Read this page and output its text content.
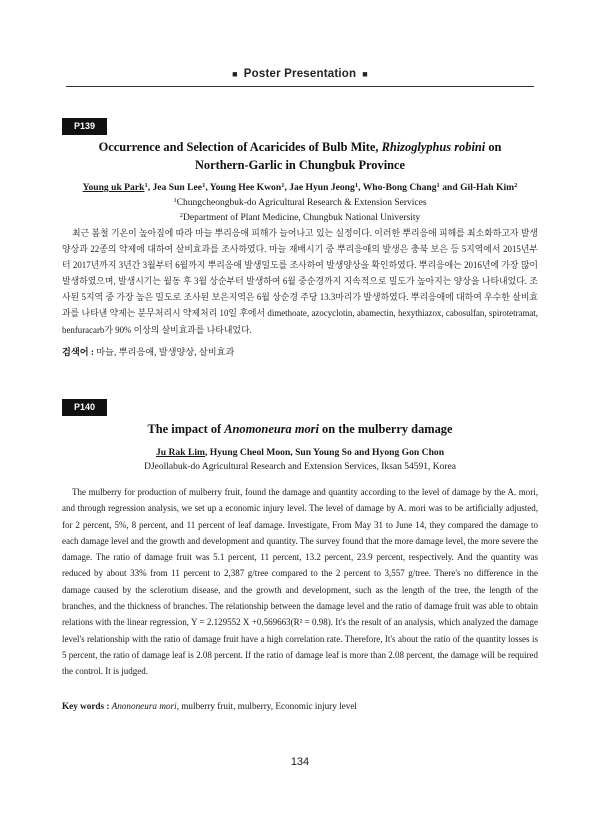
■ Poster Presentation ■
P139
Occurrence and Selection of Acaricides of Bulb Mite, Rhizoglyphus robini on
Northern-Garlic in Chungbuk Province
Young uk Park$^1$, Jea Sun Lee$^1$, Young Hee Kwon$^1$, Jae Hyun Jeong$^1$, Who-Bong Chang$^1$ and Gil-Hah Kim$^2$
$^1$Chungcheongbuk-do Agricultural Research & Extension Services
$^2$Department of Plant Medicine, Chungbuk National University

최근 봄철 기온이 높아짐에 따라 마늘 뿌리응애 피해가 늘어나고 있는 실정이다. 이러한 뿌리응애 피해를 최소화하고자 발생양상과 22종의 약제에 대하여 살비효과를 조사하였다. 마늘 재배시기 중 뿌리응애의 발생은 충북 보은 등 5지역에서 2015년부터 2017년까지 3년간 3월부터 6월까지 뿌리응애 발생밀도를 조사하여 발생양상을 확인하였다. 뿌리응애는 2016년에 가장 많이 발생하였으며, 발생시기는 월동 후 3월 상순부터 발생하여 6월 중순경까지 지속적으로 밀도가 높아지는 양상을 나타내었다. 조사된 5지역 중 가장 높은 밀도로 조사된 보은지역은 6월 상순경 주당 13.3마리가 발생하였다. 뿌리응애에 대하여 우수한 살비효과를 나타낸 약제는 분무처리시 약제처리 10일 후에서 dimethoate, azocyclotin, abamectin, hexythiazox, cabosulfan, spirotetramat, benfuracarb가 90% 이상의 살비효과를 나타내었다.

검색어 : 마늘, 뿌리응애, 발생양상, 살비효과
P140
The impact of Anomoneura mori on the mulberry damage
Ju Rak Lim, Hyung Cheol Moon, Sun Young So and Hyong Gon Chon
DJeollabuk-do Agricultural Research and Extension Services, Iksan 54591, Korea

The mulberry for production of mulberry fruit, found the damage and quantity according to the level of damage by the A. mori, and through regression analysis, we set up a economic injury level. The level of damage by A. mori was to be artificially adjusted, for 2 percent, 5%, 8 percent, and 11 percent of leaf damage. Investigate, From May 31 to June 14, they compared the damage to each damage level and the growth and development and quantity. The survey found that the more damage level, the more severe the damage. The ratio of damage fruit was 5.1 percent, 11 percent, 13.2 percent, 23.9 percent, respectively. And the quantity was reduced by about 33% from 11 percent to 2,387 g/tree compared to the 2 percent to 3,557 g/tree. There's no difference in the damage caused by the sclerotium disease, and the growth and development, such as the length of the tree, the length of the branches, and the thickness of branches. The relationship between the damage level and the ratio of damage fruit was able to obtain relations with the linear regression, Y = 2.129552 X +0.569663(R² = 0.98). It's the result of an analysis, which analyzed the damage level's relationship with the ratio of damage fruit have a high correlation rate. Therefore, It's about the ratio of the quantity losses is 5 percent, the ratio of damage leaf is 2.08 percent. If the ratio of damage leaf is more than 2.08 percent, the damage will be required the control. It is judged.

Key words : Anononeura mori, mulberry fruit, mulberry, Economic injury level
134
